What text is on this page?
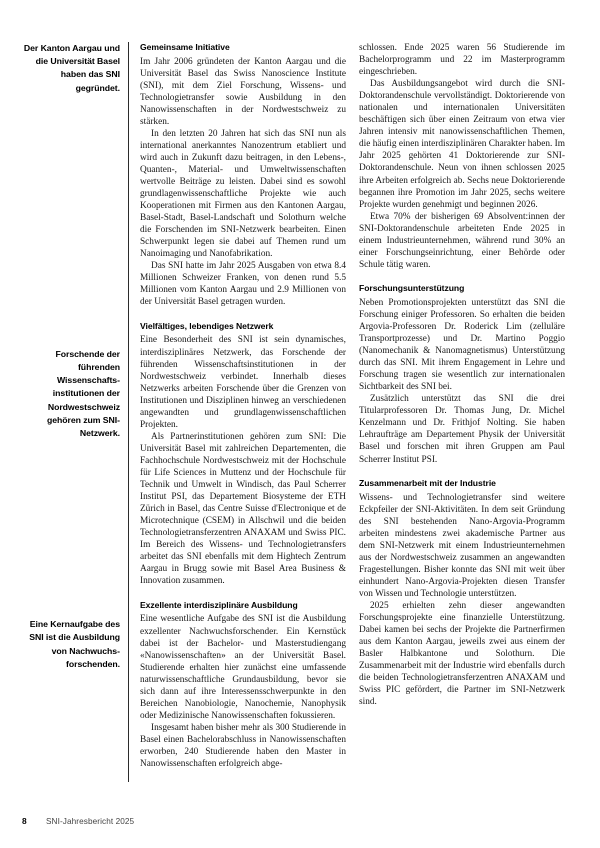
Der Kanton Aargau und die Universität Basel haben das SNI gegründet.
Forschende der führenden Wissenschaftsinstitutionen der Nordwestschweiz gehören zum SNI-Netzwerk.
Eine Kernaufgabe des SNI ist die Ausbildung von Nachwuchsforschenden.
Gemeinsame Initiative

Im Jahr 2006 gründeten der Kanton Aargau und die Universität Basel das Swiss Nanoscience Institute (SNI), mit dem Ziel Forschung, Wissens- und Technologietransfer sowie Ausbildung in den Nanowissenschaften in der Nordwestschweiz zu stärken.

In den letzten 20 Jahren hat sich das SNI nun als international anerkanntes Nanozentrum etabliert und wird auch in Zukunft dazu beitragen, in den Lebens-, Quanten-, Material- und Umweltwissenschaften wertvolle Beiträge zu leisten. Dabei sind es sowohl grundlagenwissenschaftliche Projekte wie auch Kooperationen mit Firmen aus den Kantonen Aargau, Basel-Stadt, Basel-Landschaft und Solothurn welche die Forschenden im SNI-Netzwerk bearbeiten. Einen Schwerpunkt legen sie dabei auf Themen rund um Nanoimaging und Nanofabrikation.

Das SNI hatte im Jahr 2025 Ausgaben von etwa 8.4 Millionen Schweizer Franken, von denen rund 5.5 Millionen vom Kanton Aargau und 2.9 Millionen von der Universität Basel getragen wurden.

Vielfältiges, lebendiges Netzwerk

Eine Besonderheit des SNI ist sein dynamisches, interdisziplinäres Netzwerk, das Forschende der führenden Wissenschaftsinstitutionen in der Nordwestschweiz verbindet. Innerhalb dieses Netzwerks arbeiten Forschende über die Grenzen von Institutionen und Disziplinen hinweg an verschiedenen angewandten und grundlagenwissenschaftlichen Projekten.

Als Partnerinstitutionen gehören zum SNI: Die Universität Basel mit zahlreichen Departementen, die Fachhochschule Nordwestschweiz mit der Hochschule für Life Sciences in Muttenz und der Hochschule für Technik und Umwelt in Windisch, das Paul Scherrer Institut PSI, das Departement Biosysteme der ETH Zürich in Basel, das Centre Suisse d'Electronique et de Microtechnique (CSEM) in Allschwil und die beiden Technologietransferzentren ANAXAM und Swiss PIC. Im Bereich des Wissens- und Technologietransfers arbeitet das SNI ebenfalls mit dem Hightech Zentrum Aargau in Brugg sowie mit Basel Area Business & Innovation zusammen.

Exzellente interdisziplinäre Ausbildung

Eine wesentliche Aufgabe des SNI ist die Ausbildung exzellenter Nachwuchsforschender. Ein Kernstück dabei ist der Bachelor- und Masterstudiengang «Nanowissenschaften» an der Universität Basel. Studierende erhalten hier zunächst eine umfassende naturwissenschaftliche Grundausbildung, bevor sie sich dann auf ihre Interessensschwerpunkte in den Bereichen Nanobiologie, Nanochemie, Nanophysik oder Medizinische Nanowissenschaften fokussieren.

Insgesamt haben bisher mehr als 300 Studierende in Basel einen Bachelorabschluss in Nanowissenschaften erworben, 240 Studierende haben den Master in Nanowissenschaften erfolgreich abge-

schlossen. Ende 2025 waren 56 Studierende im Bachelorprogramm und 22 im Masterprogramm eingeschrieben.

Das Ausbildungsangebot wird durch die SNI-Doktorandenschule vervollständigt. Doktorierende von nationalen und internationalen Universitäten beschäftigen sich über einen Zeitraum von etwa vier Jahren intensiv mit nanowissenschaftlichen Themen, die häufig einen interdisziplinären Charakter haben. Im Jahr 2025 gehörten 41 Doktorierende zur SNI-Doktorandenschule. Neun von ihnen schlossen 2025 ihre Arbeiten erfolgreich ab. Sechs neue Doktorierende begannen ihre Promotion im Jahr 2025, sechs weitere Projekte wurden genehmigt und beginnen 2026.

Etwa 70% der bisherigen 69 Absolvent:innen der SNI-Doktorandenschule arbeiteten Ende 2025 in einem Industrieunternehmen, während rund 30% an einer Forschungseinrichtung, einer Behörde oder Schule tätig waren.

Forschungsunterstützung

Neben Promotionsprojekten unterstützt das SNI die Forschung einiger Professoren. So erhalten die beiden Argovia-Professoren Dr. Roderick Lim (zelluläre Transportprozesse) und Dr. Martino Poggio (Nanomechanik & Nanomagnetismus) Unterstützung durch das SNI. Mit ihrem Engagement in Lehre und Forschung tragen sie wesentlich zur internationalen Sichtbarkeit des SNI bei.

Zusätzlich unterstützt das SNI die drei Titularprofessoren Dr. Thomas Jung, Dr. Michel Kenzelmann und Dr. Frithjof Nolting. Sie haben Lehraufträge am Departement Physik der Universität Basel und forschen mit ihren Gruppen am Paul Scherrer Institut PSI.

Zusammenarbeit mit der Industrie

Wissens- und Technologietransfer sind weitere Eckpfeiler der SNI-Aktivitäten. In dem seit Gründung des SNI bestehenden Nano-Argovia-Programm arbeiten mindestens zwei akademische Partner aus dem SNI-Netzwerk mit einem Industrieunternehmen aus der Nordwestschweiz zusammen an angewandten Fragestellungen. Bisher konnte das SNI mit weit über einhundert Nano-Argovia-Projekten diesen Transfer von Wissen und Technologie unterstützen.

2025 erhielten zehn dieser angewandten Forschungsprojekte eine finanzielle Unterstützung. Dabei kamen bei sechs der Projekte die Partnerfirmen aus dem Kanton Aargau, jeweils zwei aus einem der Basler Halbkantone und Solothurn. Die Zusammenarbeit mit der Industrie wird ebenfalls durch die beiden Technologietransferzentren ANAXAM und Swiss PIC gefördert, die Partner im SNI-Netzwerk sind.

8	SNI-Jahresbericht 2025
